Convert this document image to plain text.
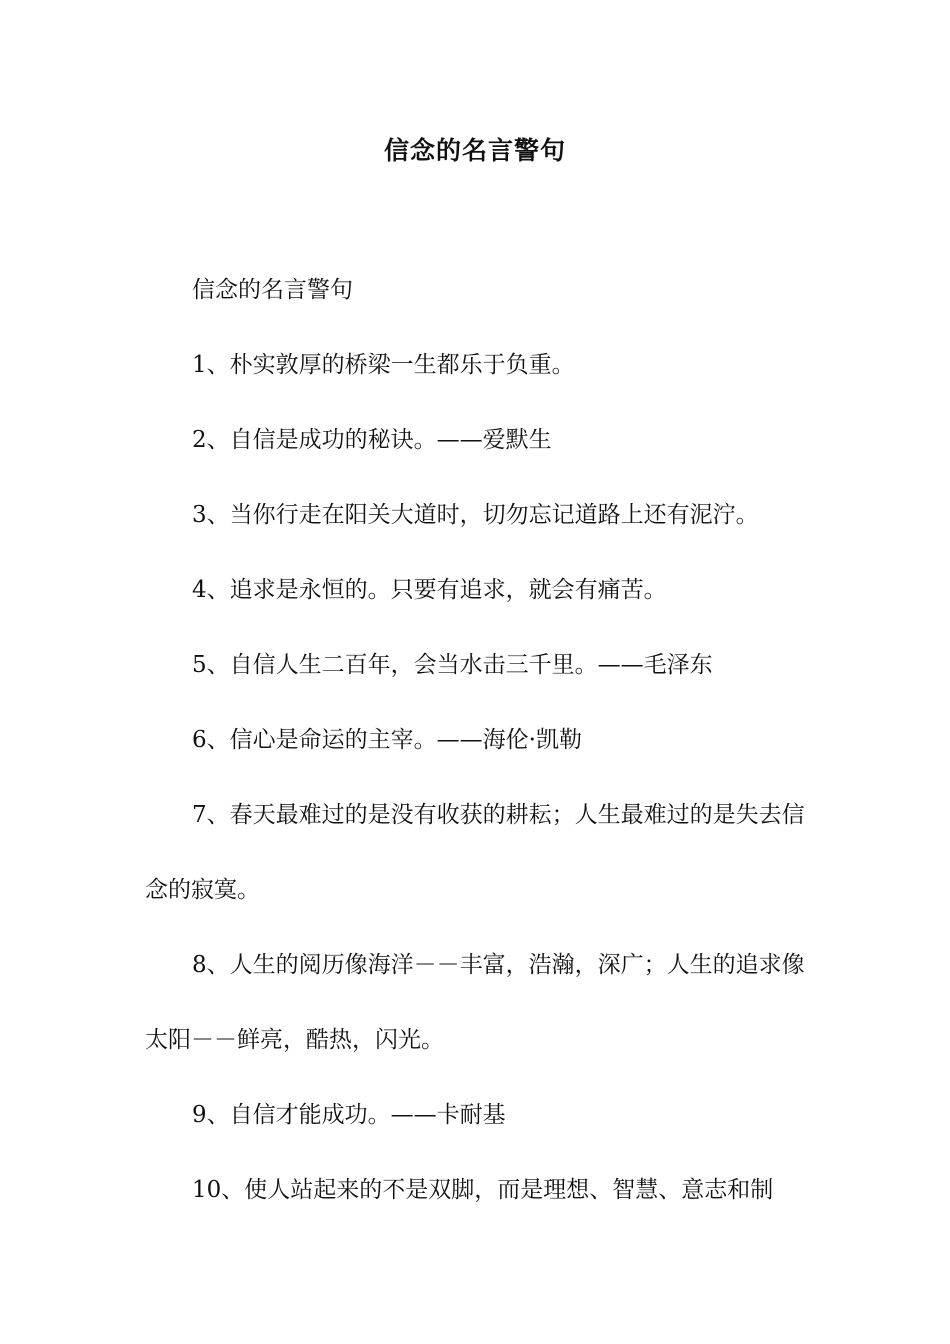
信念的名言警句

信念的名言警句

1、朴实敦厚的桥梁一生都乐于负重。

2、自信是成功的秘诀。——爱默生

3、当你行走在阳关大道时，切勿忘记道路上还有泥泞。

4、追求是永恒的。只要有追求，就会有痛苦。

5、自信人生二百年，会当水击三千里。——毛泽东

6、信心是命运的主宰。——海伦·凯勒

7、春天最难过的是没有收获的耕耘；人生最难过的是失去信念的寂寞。

8、人生的阅历像海洋－－丰富，浩瀚，深广；人生的追求像太阳－－鲜亮，酷热，闪光。

9、自信才能成功。——卡耐基

10、使人站起来的不是双脚，而是理想、智慧、意志和制
